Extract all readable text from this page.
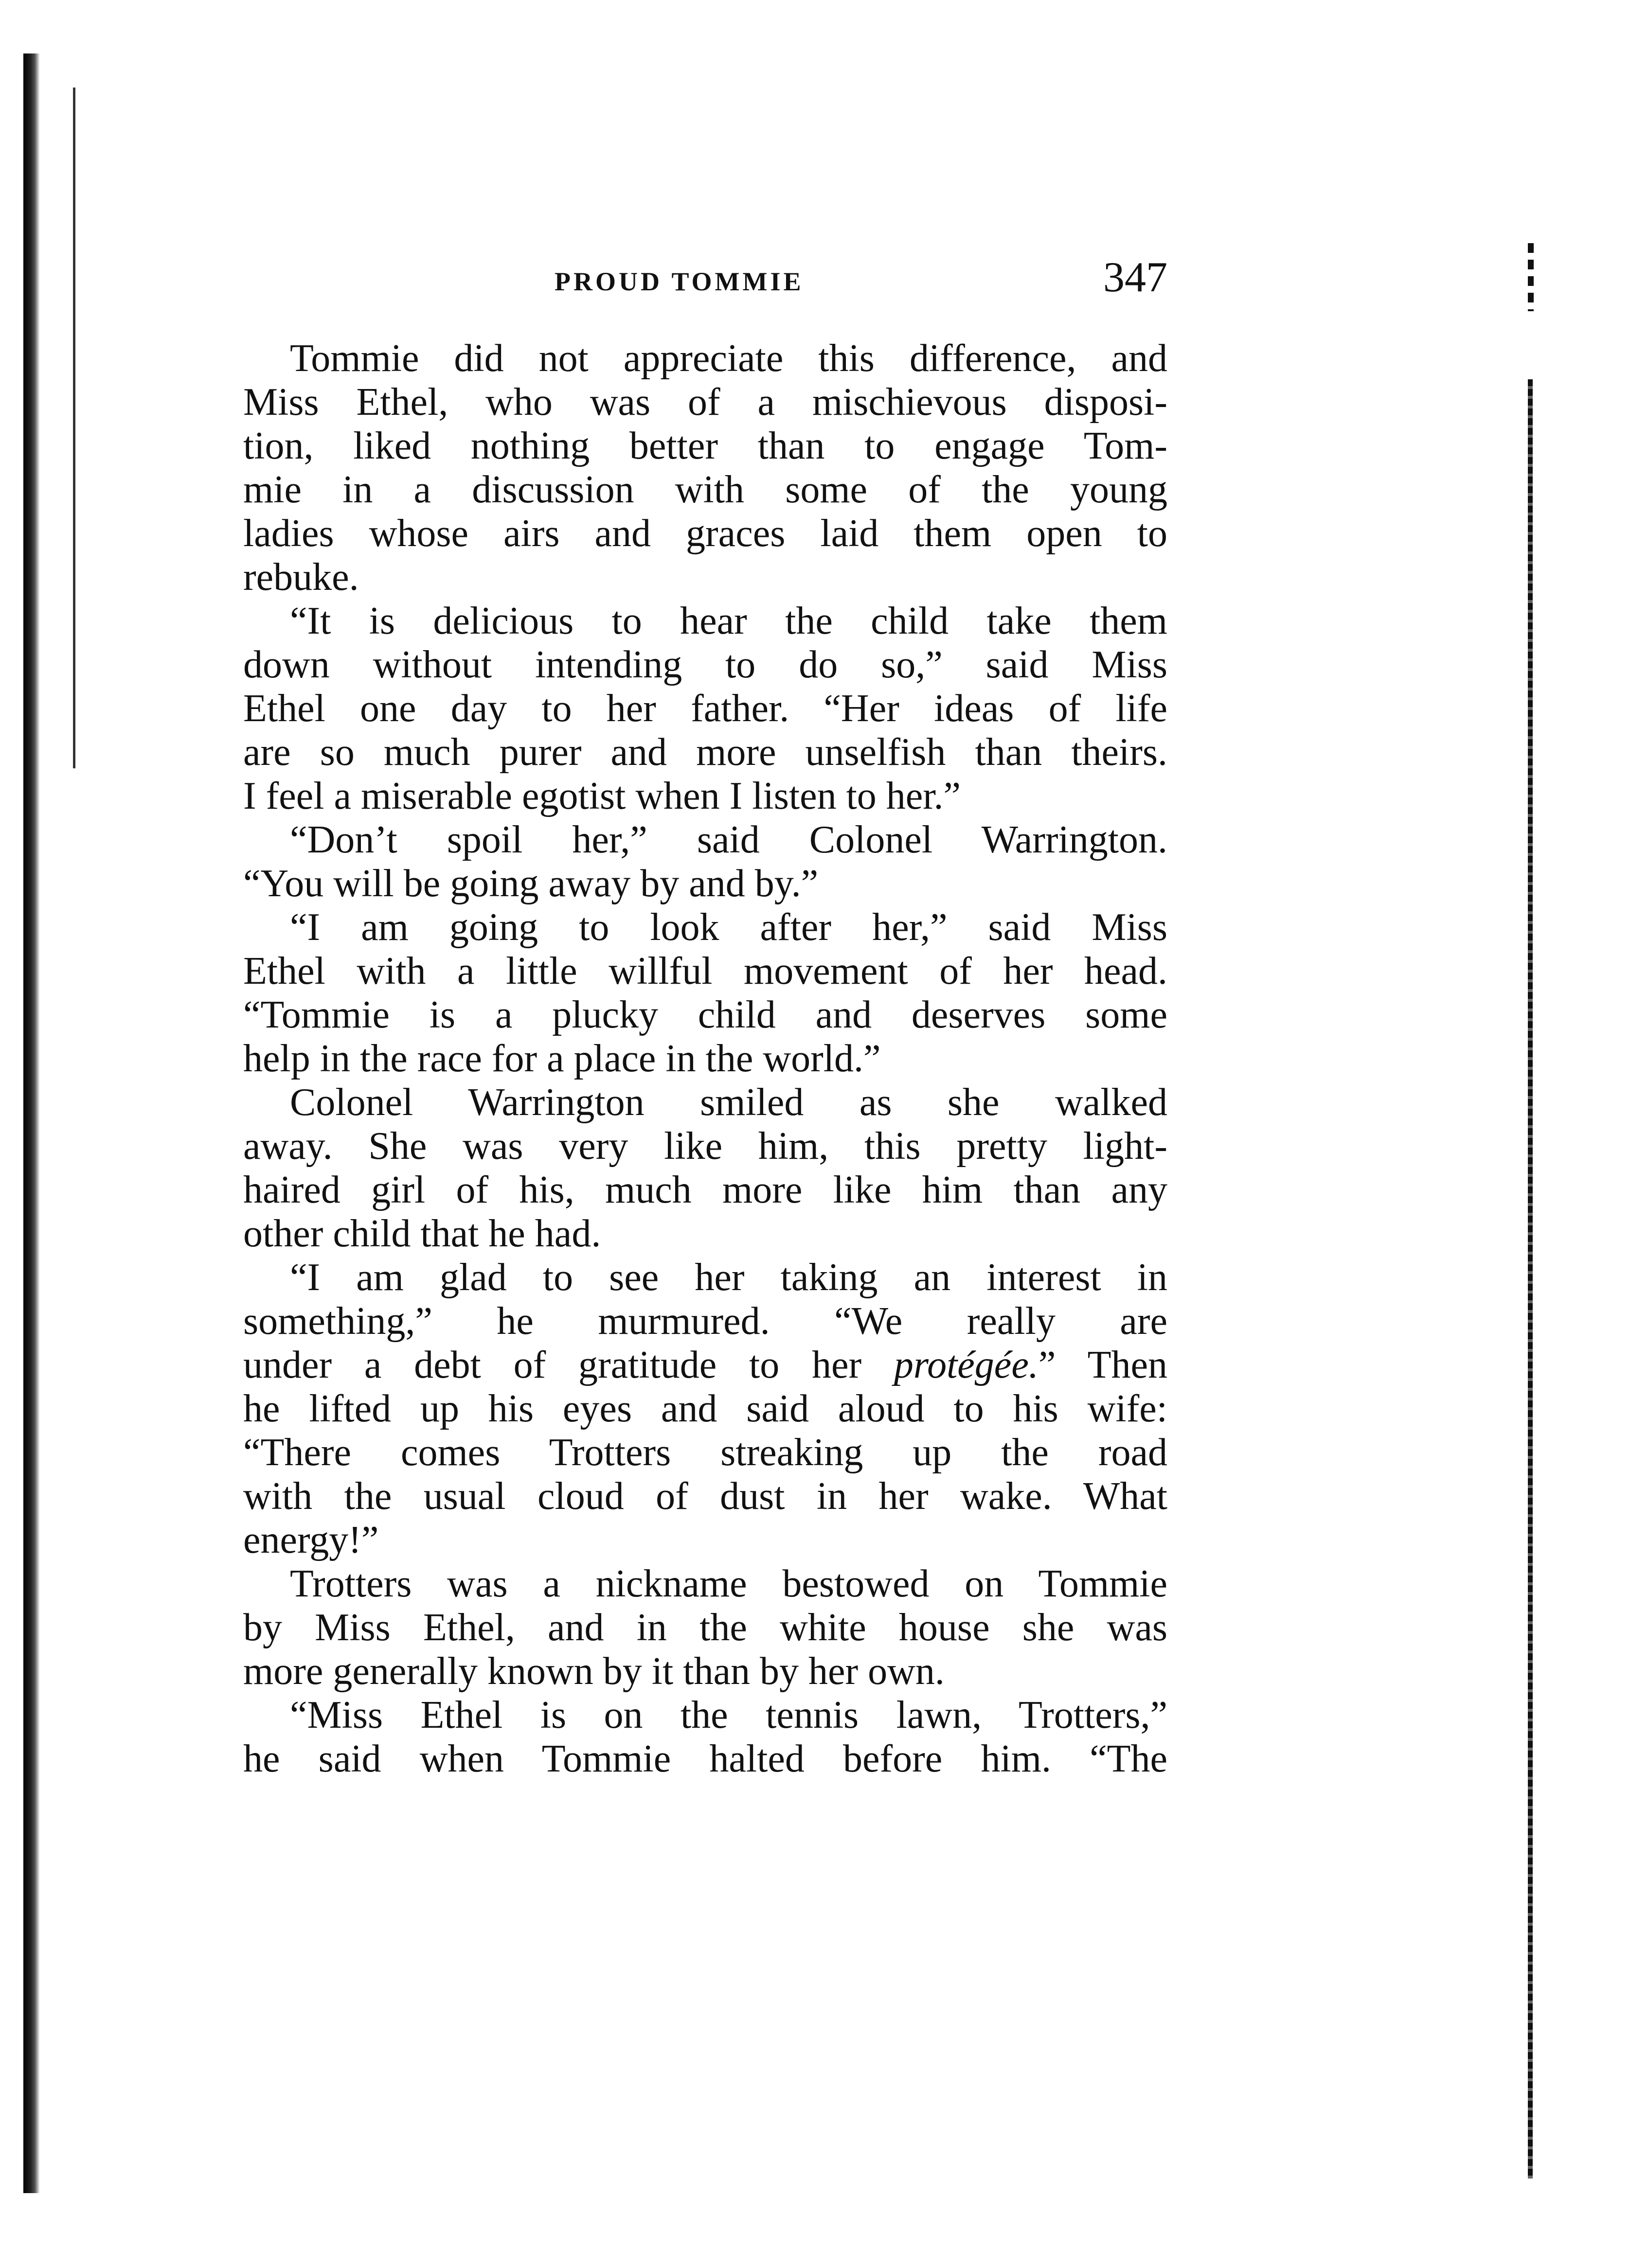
PROUD TOMMIE	347
Tommie did not appreciate this difference, and
Miss Ethel, who was of a mischievous disposi-
tion, liked nothing better than to engage Tom-
mie in a discussion with some of the young
ladies whose airs and graces laid them open to
rebuke.
“It is delicious to hear the child take them
down without intending to do so,” said Miss
Ethel one day to her father. “Her ideas of life
are so much purer and more unselfish than theirs.
I feel a miserable egotist when I listen to her.”
“Don’t spoil her,” said Colonel Warrington.
“You will be going away by and by.”
“I am going to look after her,” said Miss
Ethel with a little willful movement of her head.
“Tommie is a plucky child and deserves some
help in the race for a place in the world.”
Colonel Warrington smiled as she walked
away. She was very like him, this pretty light-
haired girl of his, much more like him than any
other child that he had.
“I am glad to see her taking an interest in
something,” he murmured. “We really are
under a debt of gratitude to her protégée.” Then
he lifted up his eyes and said aloud to his wife:
“There comes Trotters streaking up the road
with the usual cloud of dust in her wake. What
energy!”
Trotters was a nickname bestowed on Tommie
by Miss Ethel, and in the white house she was
more generally known by it than by her own.
“Miss Ethel is on the tennis lawn, Trotters,”
he said when Tommie halted before him. “The
